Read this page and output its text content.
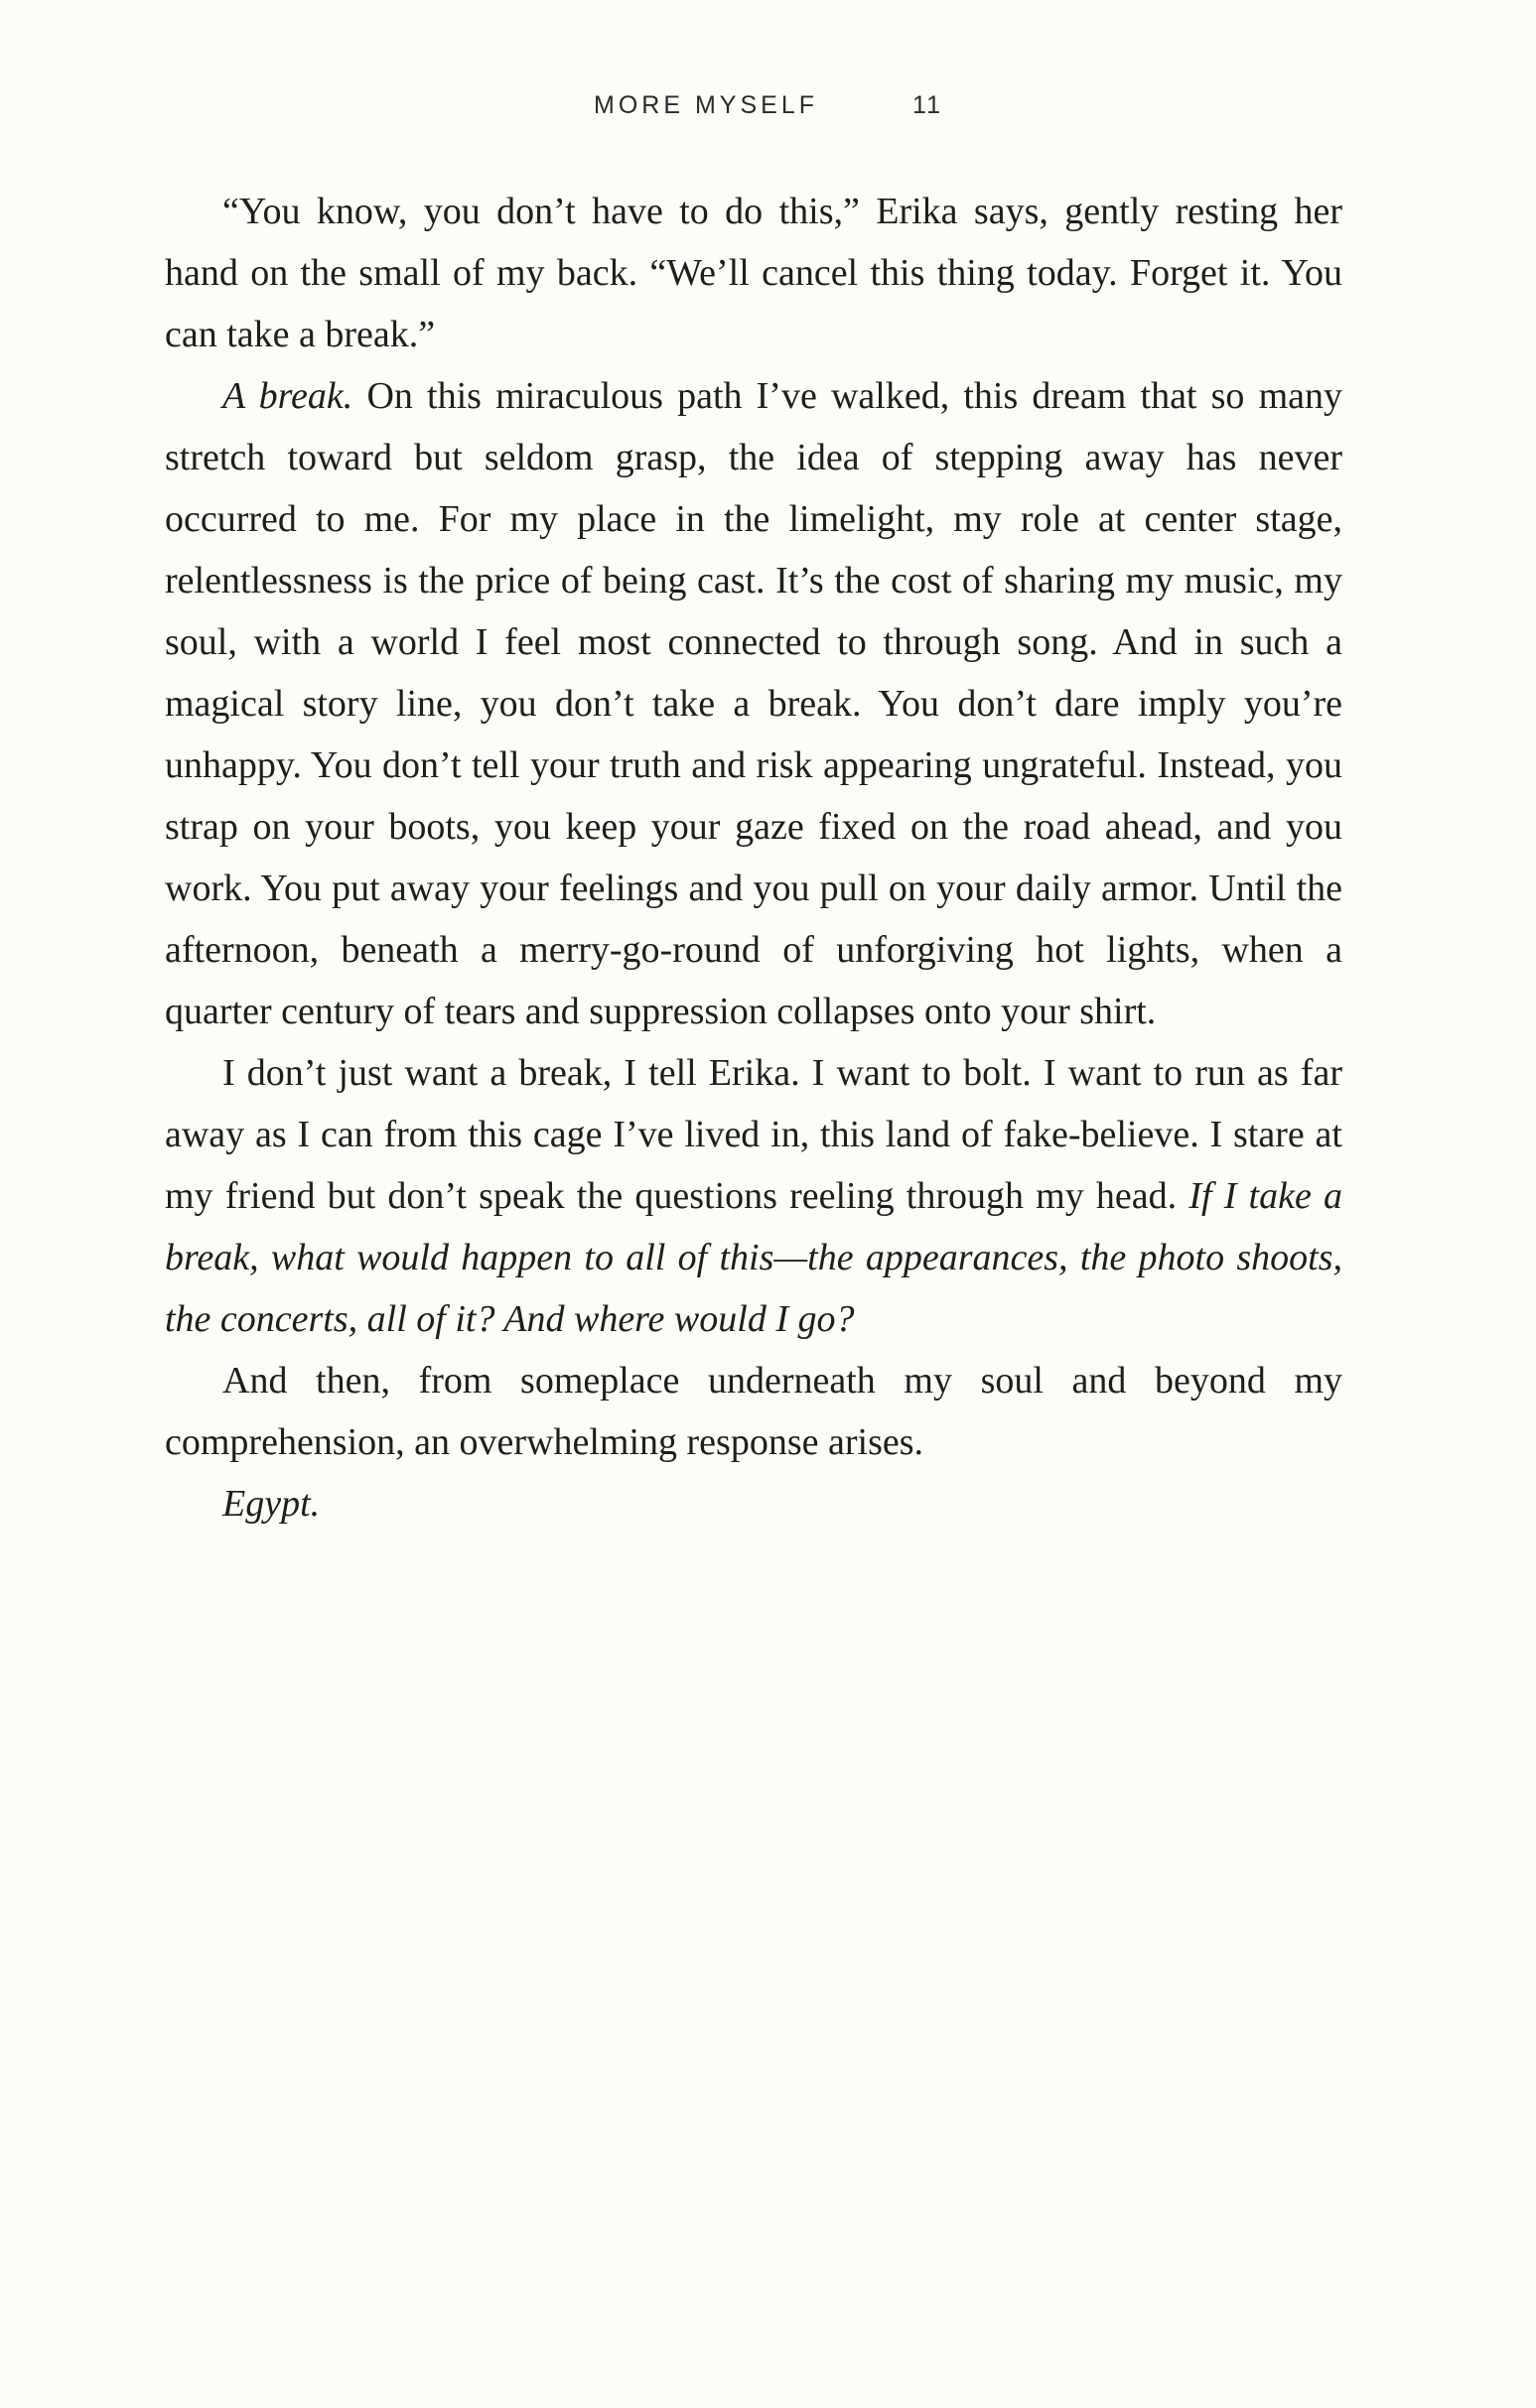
MORE MYSELF	11

“You know, you don’t have to do this,” Erika says, gently resting her hand on the small of my back. “We’ll cancel this thing today. Forget it. You can take a break.”

A break. On this miraculous path I’ve walked, this dream that so many stretch toward but seldom grasp, the idea of stepping away has never occurred to me. For my place in the limelight, my role at center stage, relentlessness is the price of being cast. It’s the cost of sharing my music, my soul, with a world I feel most connected to through song. And in such a magical story line, you don’t take a break. You don’t dare imply you’re unhappy. You don’t tell your truth and risk appearing ungrateful. Instead, you strap on your boots, you keep your gaze fixed on the road ahead, and you work. You put away your feelings and you pull on your daily armor. Until the afternoon, beneath a merry-go-round of unforgiving hot lights, when a quarter century of tears and suppression collapses onto your shirt.

I don’t just want a break, I tell Erika. I want to bolt. I want to run as far away as I can from this cage I’ve lived in, this land of fake-believe. I stare at my friend but don’t speak the questions reeling through my head. If I take a break, what would happen to all of this—the appearances, the photo shoots, the concerts, all of it? And where would I go?

And then, from someplace underneath my soul and beyond my comprehension, an overwhelming response arises.

Egypt.
